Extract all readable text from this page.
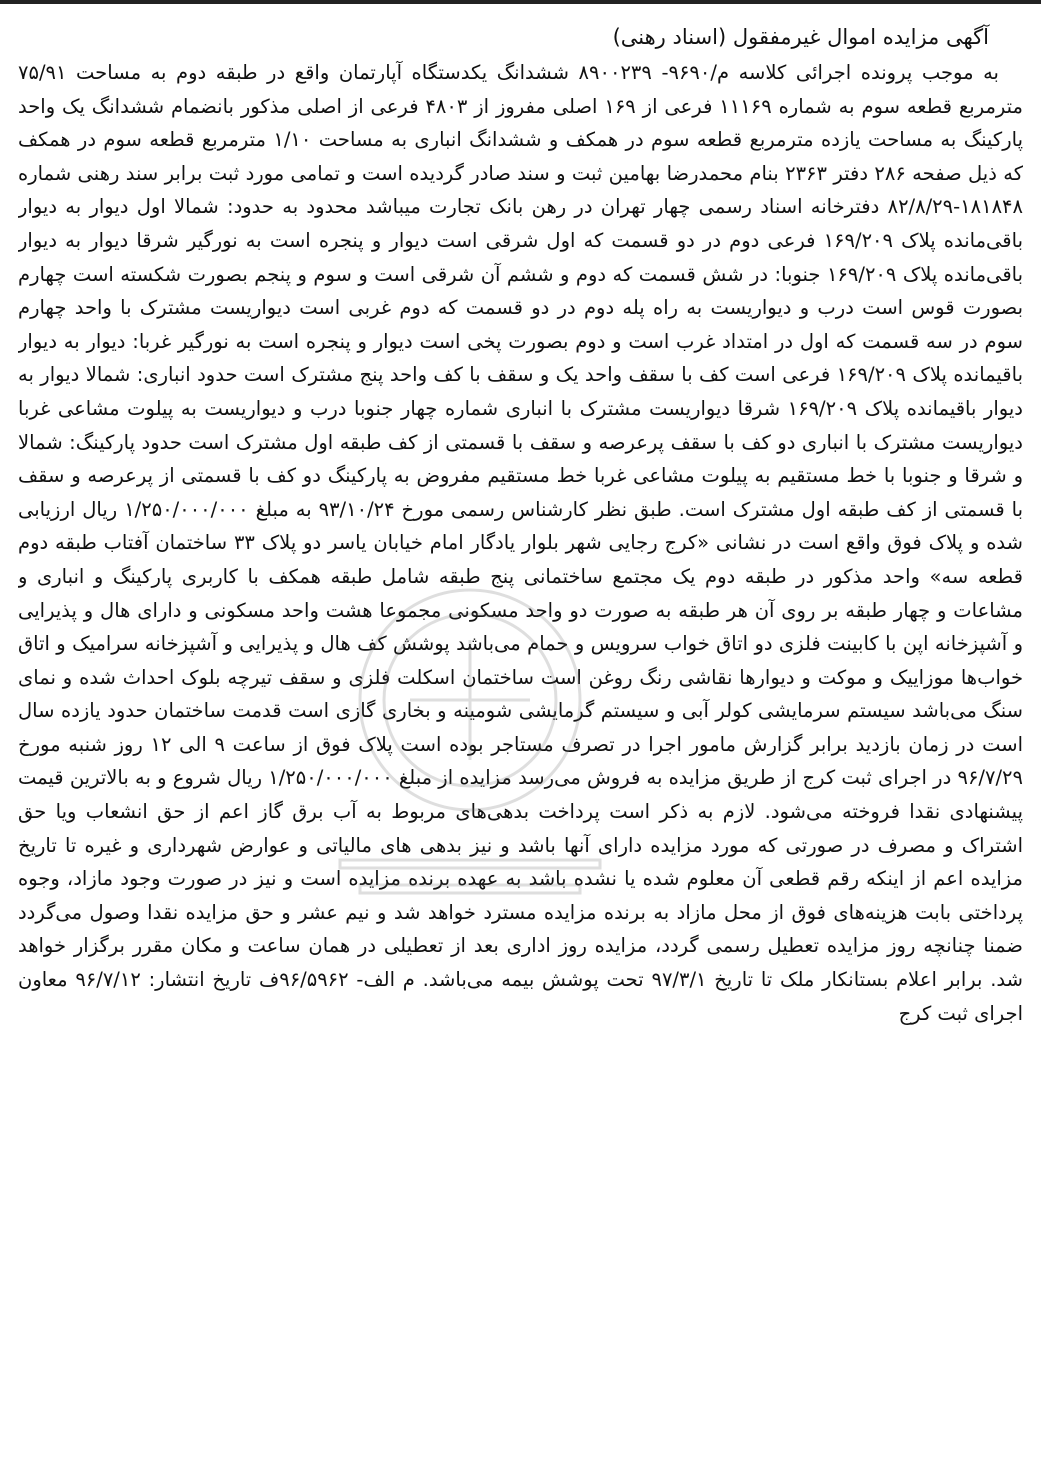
آگهی مزایده اموال غیرمفقول (اسناد رهنی)

به موجب پرونده اجرائی کلاسه م/۹۶۹۰- ۸۹۰۰۲۳۹ ششدانگ یکدستگاه آپارتمان واقع در طبقه دوم به مساحت ۷۵/۹۱ مترمربع قطعه سوم به شماره ۱۱۱۶۹ فرعی از ۱۶۹ اصلی مفروز از ۴۸۰۳ فرعی از اصلی مذکور بانضمام ششدانگ یک واحد پارکینگ به مساحت یازده مترمربع قطعه سوم در همکف و ششدانگ انباری به مساحت ۱/۱۰ مترمربع قطعه سوم در همکف که ذیل صفحه ۲۸۶ دفتر ۲۳۶۳ بنام محمدرضا بهامین ثبت و سند صادر گردیده است و تمامی مورد ثبت برابر سند رهنی شماره ۱۸۱۸۴۸-۸۲/۸/۲۹ دفترخانه اسناد رسمی چهار تهران در رهن بانک تجارت میباشد محدود به حدود: شمالا اول دیوار به دیوار باقی‌مانده پلاک ۱۶۹/۲۰۹ فرعی دوم در دو قسمت که اول شرقی است دیوار و پنجره است به نورگیر شرقا دیوار به دیوار باقی‌مانده پلاک ۱۶۹/۲۰۹ جنوبا: در شش قسمت که دوم و ششم آن شرقی است و سوم و پنجم بصورت شکسته است چهارم بصورت قوس است درب و دیواریست به راه پله دوم در دو قسمت که دوم غربی است دیواریست مشترک با واحد چهارم سوم در سه قسمت که اول در امتداد غرب است و دوم بصورت پخی است دیوار و پنجره است به نورگیر غربا: دیوار به دیوار باقیمانده پلاک ۱۶۹/۲۰۹ فرعی است کف با سقف واحد یک و سقف با کف واحد پنج مشترک است حدود انباری: شمالا دیوار به دیوار باقیمانده پلاک ۱۶۹/۲۰۹ شرقا دیواریست مشترک با انباری شماره چهار جنوبا درب و دیواریست به پیلوت مشاعی غربا دیواریست مشترک با انباری دو کف با سقف پرعرصه و سقف با قسمتی از کف طبقه اول مشترک است حدود پارکینگ: شمالا و شرقا و جنوبا با خط مستقیم به پیلوت مشاعی غربا خط مستقیم مفروض به پارکینگ دو کف با قسمتی از پرعرصه و سقف با قسمتی از کف طبقه اول مشترک است. طبق نظر کارشناس رسمی مورخ ۹۳/۱۰/۲۴ به مبلغ ۱/۲۵۰/۰۰۰/۰۰۰ ریال ارزیابی شده و پلاک فوق واقع است در نشانی «کرج رجایی شهر بلوار یادگار امام خیابان یاسر دو پلاک ۳۳ ساختمان آفتاب طبقه دوم قطعه سه» واحد مذکور در طبقه دوم یک مجتمع ساختمانی پنج طبقه شامل طبقه همکف با کاربری پارکینگ و انباری و مشاعات و چهار طبقه بر روی آن هر طبقه به صورت دو واحد مسکونی مجموعا هشت واحد مسکونی و دارای هال و پذیرایی و آشپزخانه اپن با کابینت فلزی دو اتاق خواب سرویس و حمام می‌باشد پوشش کف هال و پذیرایی و آشپزخانه سرامیک و اتاق خواب‌ها موزاییک و موکت و دیوارها نقاشی رنگ روغن است ساختمان اسکلت فلزی و سقف تیرچه بلوک احداث شده و نمای سنگ می‌باشد سیستم سرمایشی کولر آبی و سیستم گرمایشی شومینه و بخاری گازی است قدمت ساختمان حدود یازده سال است در زمان بازدید برابر گزارش مامور اجرا در تصرف مستاجر بوده است پلاک فوق از ساعت ۹ الی ۱۲ روز شنبه مورخ ۹۶/۷/۲۹ در اجرای ثبت کرج از طریق مزایده به فروش می‌رسد مزایده از مبلغ ۱/۲۵۰/۰۰۰/۰۰۰ ریال شروع و به بالاترین قیمت پیشنهادی نقدا فروخته می‌شود. لازم به ذکر است پرداخت بدهی‌های مربوط به آب برق گاز اعم از حق انشعاب ویا حق اشتراک و مصرف در صورتی که مورد مزایده دارای آنها باشد و نیز بدهی های مالیاتی و عوارض شهرداری و غیره تا تاریخ مزایده اعم از اینکه رقم قطعی آن معلوم شده یا نشده باشد به عهده برنده مزایده است و نیز در صورت وجود مازاد، وجوه پرداختی بابت هزینه‌های فوق از محل مازاد به برنده مزایده مسترد خواهد شد و نیم عشر و حق مزایده نقدا وصول می‌گردد ضمنا چنانچه روز مزایده تعطیل رسمی گردد، مزایده روز اداری بعد از تعطیلی در همان ساعت و مکان مقرر برگزار خواهد شد. برابر اعلام بستانکار ملک تا تاریخ ۹۷/۳/۱ تحت پوشش بیمه می‌باشد. م الف- ۹۶/۵۹۶۲ف تاریخ انتشار: ۹۶/۷/۱۲ معاون اجرای ثبت کرج
